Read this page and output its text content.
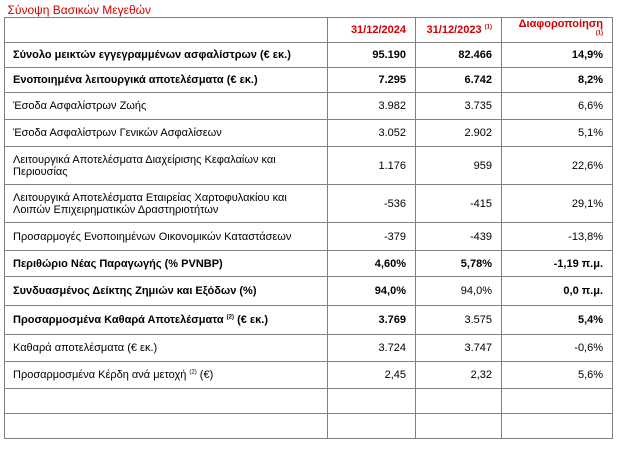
Σύνοψη Βασικών Μεγεθών			
	31/12/2024	31/12/2023 $^{(1)}$	Διαφοροποίηση $^{(1)}$
Σύνολο μεικτών εγγεγραμμένων ασφαλίστρων (€ εκ.)	95.190	82.466	14,9%
Ενοποιημένα λειτουργικά αποτελέσματα (€ εκ.)	7.295	6.742	8,2%
Έσοδα Ασφαλίστρων Ζωής	3.982	3.735	6,6%
Έσοδα Ασφαλίστρων Γενικών Ασφαλίσεων	3.052	2.902	5,1%
Λειτουργικά Αποτελέσματα Διαχείρισης Κεφαλαίων και Περιουσίας	1.176	959	22,6%
Λειτουργικά Αποτελέσματα Εταιρείας Χαρτοφυλακίου και Λοιπών Επιχειρηματικών Δραστηριοτήτων	-536	-415	29,1%
Προσαρμογές Ενοποιημένων Οικονομικών Καταστάσεων	-379	-439	-13,8%
Περιθώριο Νέας Παραγωγής (% PVNBP)	4,60%	5,78%	-1,19 π.μ.
Συνδυασμένος Δείκτης Ζημιών και Εξόδων (%)	94,0%	94,0%	0,0 π.μ.
Προσαρμοσμένα Καθαρά Αποτελέσματα $^{(2)}$ (€ εκ.)	3.769	3.575	5,4%
Καθαρά αποτελέσματα (€ εκ.)	3.724	3.747	-0,6%
Προσαρμοσμένα Κέρδη ανά μετοχή $^{(2)}$ (€)	2,45	2,32	5,6%
